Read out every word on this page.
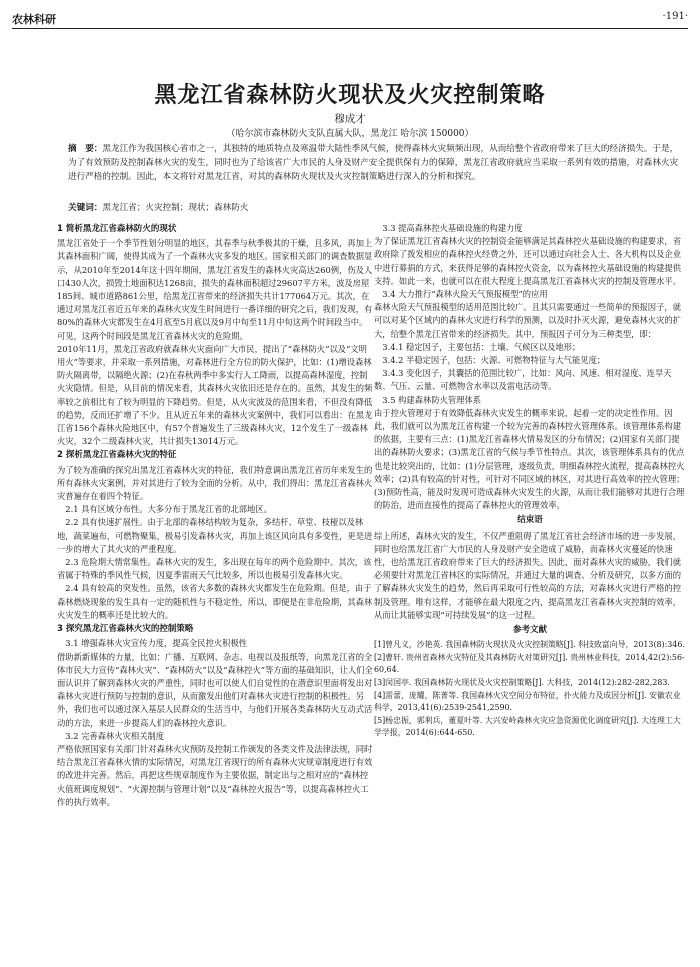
农林科研	·191·
黑龙江省森林防火现状及火灾控制策略
穆成才
（哈尔滨市森林防火支队直属大队，黑龙江 哈尔滨 150000）
摘　要：黑龙江作为我国核心省市之一，其独特的地质特点及寒温带大陆性季风气候，使得森林火灾频频出现，从而给整个省政府带来了巨大的经济损失。于是，为了有效预防及控制森林火灾的发生，同时也为了给该省广大市民的人身及财产安全提供保有力的保障，黑龙江省政府就应当采取一系列有效的措施，对森林火灾进行严格的控制。因此，本文将针对黑龙江省，对其的森林防火现状及火灾控制策略进行深入的分析和探究。
关键词：黑龙江省；火灾控制；现状；森林防火
1 简析黑龙江省森林防火的现状
黑龙江省处于一个季节性划分明显的地区，其春季与秋季极其的干燥，且多风，再加上其森林面积广阔，使得其成为了一个森林火灾多发的地区。国家相关部门的调查数据显示，从2010年至2014年这十四年期间，黑龙江省发生的森林火灾高达260例，伤及人口430人次，损毁土地面积达1268亩，损失的森林面积超过29607平方米，波及房屋185间、城市道路861公里，给黑龙江省带来的经济损失共计177064万元。其次，在通过对黑龙江省近五年来的森林火灾发生时间进行一番详细的研究之后，我们发现，有80%的森林火灾都发生在4月底至5月底以及9月中旬至11月中旬这两个时间段当中。可见，这两个时间段是黑龙江省森林火灾的危险期。
2010年11月，黑龙江省政府就森林火灾面向广大市民，提出了“森林防火”以及“文明用火”等要求，并采取一系列措施，对森林进行全方位的防火保护，比如：(1)增设森林防火隔离带，以隔绝火源；(2)在春秋两季中多实行人工降雨，以提高森林湿度，控制火灾隐情。但是，从目前的情况来看，其森林火灾依旧还是存在的。虽然，其发生的频率较之前相比有了较为明显的下降趋势。但是，从火灾波及的范围来看，不但没有降低的趋势，反而还扩增了不少。且从近五年来的森林火灾案例中，我们可以看出：在黑龙江省156个森林火险地区中，有57个普遍发生了三级森林火灾，12个发生了一级森林火灾，32个二级森林火灾，共计损失13014万元。
2 探析黑龙江省森林火灾的特征
为了较为准确的探究出黑龙江省森林火灾的特征，我们特意调出黑龙江省历年来发生的所有森林火灾案例，并对其进行了较为全面的分析。从中，我们得出：黑龙江省森林火灾普遍存在着四个特征。
2.1 具有区域分布性。大多分布于黑龙江省的北部地区。
2.2 具有快速扩展性。由于北部的森林结构较为复杂，多结杆、草堂、枝桠以及林地，蔬菜遍布，可燃物聚集，极易引发森林火灾，再加上该区风向具有多变性，更是进一步的增大了其火灾的严重程度。
2.3 危险期大情常集性。森林火灾的发生，多出现在每年的两个危险期中。其次，该省属于特殊的季风性气候，因夏季雷雨天气比较多，所以也极易引发森林火灾。
2.4 具有较高的突发性。虽然，该省大多数的森林火灾都发生在危险期。但是，由于森林燃烧现象的发生具有一定的随机性与不稳定性，所以，即便是在非危险期，其森林火灾发生的概率还是比较大的。
3 探究黑龙江省森林火灾的控制策略
3.1 增强森林火灾宣传力度，提高全民控火积极性
借助新新媒体的力量，比如：广播、互联网、杂志、电视以及报纸等，向黑龙江省的全体市民大力宣传“森林火灾”、“森林防火”以及“森林控火”等方面的基础知识，让人们全面认识并了解到森林火灾的严重性，同时也可以使人们自觉性的在潜意识里面将发出对森林火灾进行预防与控制的意识，从而激发出他们对森林火灾进行控制的积极性。另外，我们也可以通过深入基层人民群众的生活当中，与他们开展各类森林防火互动式活动的方法，来进一步提高人们的森林控火意识。
3.2 完善森林火灾相关制度
严格依照国家有关部门针对森林火灾预防及控制工作颁发的各类文件及法律法规，同时结合黑龙江省森林火情的实际情况，对黑龙江省现行的所有森林火灾规章制度进行有效的改进并完善。然后，再把这些规章制度作为主要依据，制定出与之相对应的“森林控火值班调度规划”、“火源控制与管理计划”以及“森林控火报告”等，以提高森林控火工作的执行效率。
3.3 提高森林控火基础设施的构建力度
为了保证黑龙江省森林火灾的控制资金能够满足其森林控火基础设施的构建要求，省政府除了拨发相应的森林控火经费之外，还可以通过向社会人士、各大机构以及企业中进行募捐的方式，来获得足够的森林控火资金，以为森林控火基础设施的构建提供支持。如此一来，也就可以在很大程度上提高黑龙江省森林火灾的控制及管理水平。
3.4 大力推行“森林火险天气预报模型”的应用
森林火险天气预报模型的适用范围比较广。且其只需要通过一些简单的预报因子，就可以对某个区域内的森林火灾进行科学的预测，以及时扑灭火源，避免森林火灾的扩大，给整个黑龙江省带来的经济损失。其中，预报因子可分为三种类型，即：
3.4.1 稳定因子，主要包括：土壤、气候区以及地形；
3.4.2 半稳定因子，包括：火源、可燃物特征与大气能见度；
3.4.3 变化因子，其囊括的范围比较广，比如：风向、风速、相对湿度、连旱天数、气压、云量、可燃物含水率以及雷电活动等。
3.5 构建森林防火管理体系
由于控火管理对于有效降低森林火灾发生的概率来说，起着一定的决定性作用。因此，我们就可以为黑龙江省构建一个较为完善的森林控火管理体系。该管理体系构建的依据，主要有三点：(1)黑龙江省森林火情易发区的分布情况；(2)国家有关部门提出的森林防火要求；(3)黑龙江省的气候与季节性特点。其次，该管理体系具有的优点也是比较突出的，比如：(1)分层管理，逐级负责，明细森林控火流程，提高森林控火效率；(2)具有较高的针对性，可针对不同区域的林区，对其进行高效率的控火管理；(3)预防性高，能及时发现可造成森林火灾发生的火源，从而让我们能够对其进行合理的防治，进而直接性的提高了森林控火的管理效率。
结束语
综上所述，森林火灾的发生，不仅严重阻碍了黑龙江省社会经济市场的进一步发展，同时也给黑龙江省广大市民的人身及财产安全造成了威胁，而森林火灾蔓延的快速性，也给黑龙江省政府带来了巨大的经济损失。因此，面对森林火灾的威胁，我们就必须要针对黑龙江省林区的实际情况，并通过大量的调查、分析及研究，以多方面的了解森林火灾发生的趋势，然后再采取可行性较高的方法，对森林火灾进行严格的控制及管理。唯有这样，才能够在最大限度之内，提高黑龙江省森林火灾控制的效率，从而让其能够实现“可持续发展”的这一过程。
参考文献
[1]曾凡义，沙艳英. 我国森林防火现状及火灾控制策略[J]. 科技致富向导，2013(8):346.
[2]曹轩. 贵州省森林火灾特征及其森林防火对策研究[J]. 贵州林业科技，2014,42(2):56-60,64.
[3]闵国亭. 我国森林防火现状及火灾控制策略[J]. 大科技，2014(12):282-282,283.
[4]雷蕾，庞耀，陈菁等. 我国森林火灾空间分布特征，扑火能力及成因分析[J]. 安徽农业科学，2013,41(6):2539-2541,2590.
[5]杨忠振，郭利兵，董夏叶等. 大兴安岭森林火灾应急资源优化调度研究[J]. 大连理工大学学报，2014(6):644-650.
